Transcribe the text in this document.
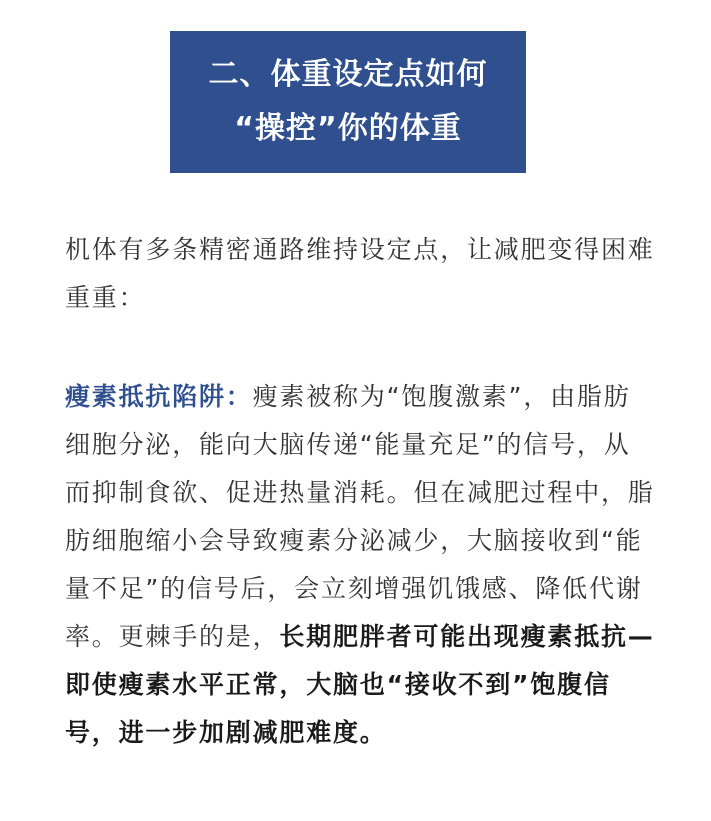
二、体重设定点如何
“操控”你的体重

机体有多条精密通路维持设定点，让减肥变得困难重重：

瘦素抵抗陷阱：瘦素被称为“饱腹激素”，由脂肪细胞分泌，能向大脑传递“能量充足”的信号，从而抑制食欲、促进热量消耗。但在减肥过程中，脂肪细胞缩小会导致瘦素分泌减少，大脑接收到“能量不足”的信号后，会立刻增强饥饿感、降低代谢率。更棘手的是，长期肥胖者可能出现瘦素抵抗—即使瘦素水平正常，大脑也“接收不到”饱腹信号，进一步加剧减肥难度。
